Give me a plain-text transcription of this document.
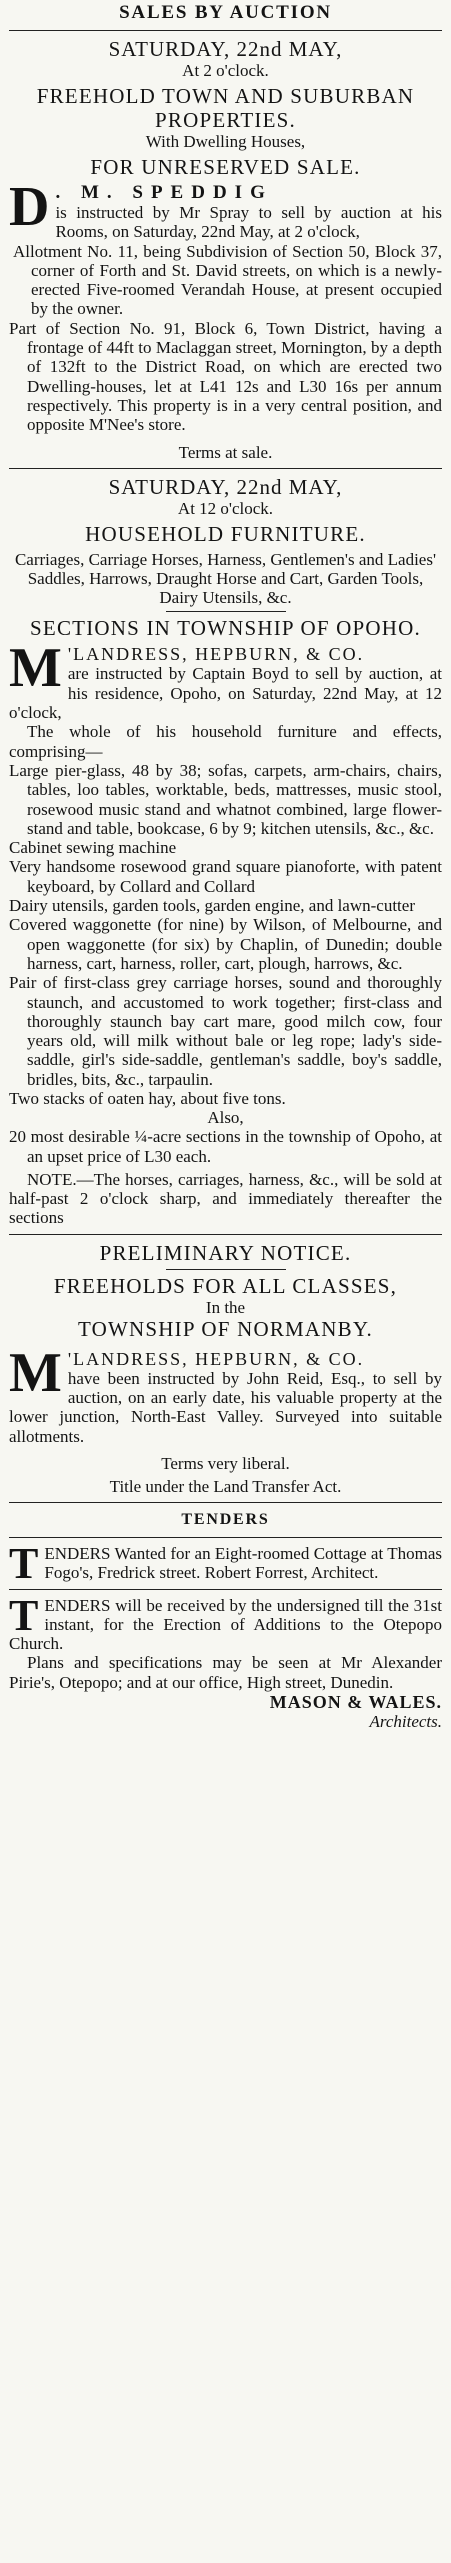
SALES BY AUCTION
SATURDAY, 22nd MAY,
At 2 o'clock.
FREEHOLD TOWN AND SUBURBAN PROPERTIES.
With Dwelling Houses,
FOR UNRESERVED SALE.
D . M. SPEDDIG

is instructed by Mr Spray to sell by auction at his Rooms, on Saturday, 22nd May, at 2 o'clock,

Allotment No. 11, being Subdivision of Section 50, Block 37, corner of Forth and St. David streets, on which is a newly-erected Five-roomed Verandah House, at present occupied by the owner.

Part of Section No. 91, Block 6, Town District, having a frontage of 44ft to Maclaggan street, Mornington, by a depth of 132ft to the District Road, on which are erected two Dwelling-houses, let at L41 12s and L30 16s per annum respectively. This property is in a very central position, and opposite M'Nee's store.

Terms at sale.
SATURDAY, 22nd MAY,
At 12 o'clock.
HOUSEHOLD FURNITURE.

Carriages, Carriage Horses, Harness, Gentlemen's and Ladies' Saddles, Harrows, Draught Horse and Cart, Garden Tools, Dairy Utensils, &c.

SECTIONS IN TOWNSHIP OF OPOHO.
M 'LANDRESS, HEPBURN, & CO.

are instructed by Captain Boyd to sell by auction, at his residence, Opoho, on Saturday, 22nd May, at 12 o'clock,

The whole of his household furniture and effects, comprising—

Large pier-glass, 48 by 38; sofas, carpets, arm-chairs, chairs, tables, loo tables, worktable, beds, mattresses, music stool, rosewood music stand and whatnot combined, large flower-stand and table, bookcase, 6 by 9; kitchen utensils, &c., &c.

Cabinet sewing machine

Very handsome rosewood grand square pianoforte, with patent keyboard, by Collard and Collard

Dairy utensils, garden tools, garden engine, and lawn-cutter

Covered waggonette (for nine) by Wilson, of Melbourne, and open waggonette (for six) by Chaplin, of Dunedin; double harness, cart, harness, roller, cart, plough, harrows, &c.

Pair of first-class grey carriage horses, sound and thoroughly staunch, and accustomed to work together; first-class and thoroughly staunch bay cart mare, good milch cow, four years old, will milk without bale or leg rope; lady's side-saddle, girl's side-saddle, gentleman's saddle, boy's saddle, bridles, bits, &c., tarpaulin.

Two stacks of oaten hay, about five tons.

Also,

20 most desirable ¼-acre sections in the township of Opoho, at an upset price of L30 each.

NOTE.—The horses, carriages, harness, &c., will be sold at half-past 2 o'clock sharp, and immediately thereafter the sections

PRELIMINARY NOTICE.
FREEHOLDS FOR ALL CLASSES,
In the
TOWNSHIP OF NORMANBY.
M 'LANDRESS, HEPBURN, & CO.

have been instructed by John Reid, Esq., to sell by auction, on an early date, his valuable property at the lower junction, North-East Valley. Surveyed into suitable allotments.

Terms very liberal.
Title under the Land Transfer Act.
TENDERS
T ENDERS Wanted for an Eight-roomed Cottage at Thomas Fogo's, Fredrick street. Robert Forrest, Architect.

T ENDERS will be received by the undersigned till the 31st instant, for the Erection of Additions to the Otepopo Church.

Plans and specifications may be seen at Mr Alexander Pirie's, Otepopo; and at our office, High street, Dunedin.

MASON & WALES.
Architects.
